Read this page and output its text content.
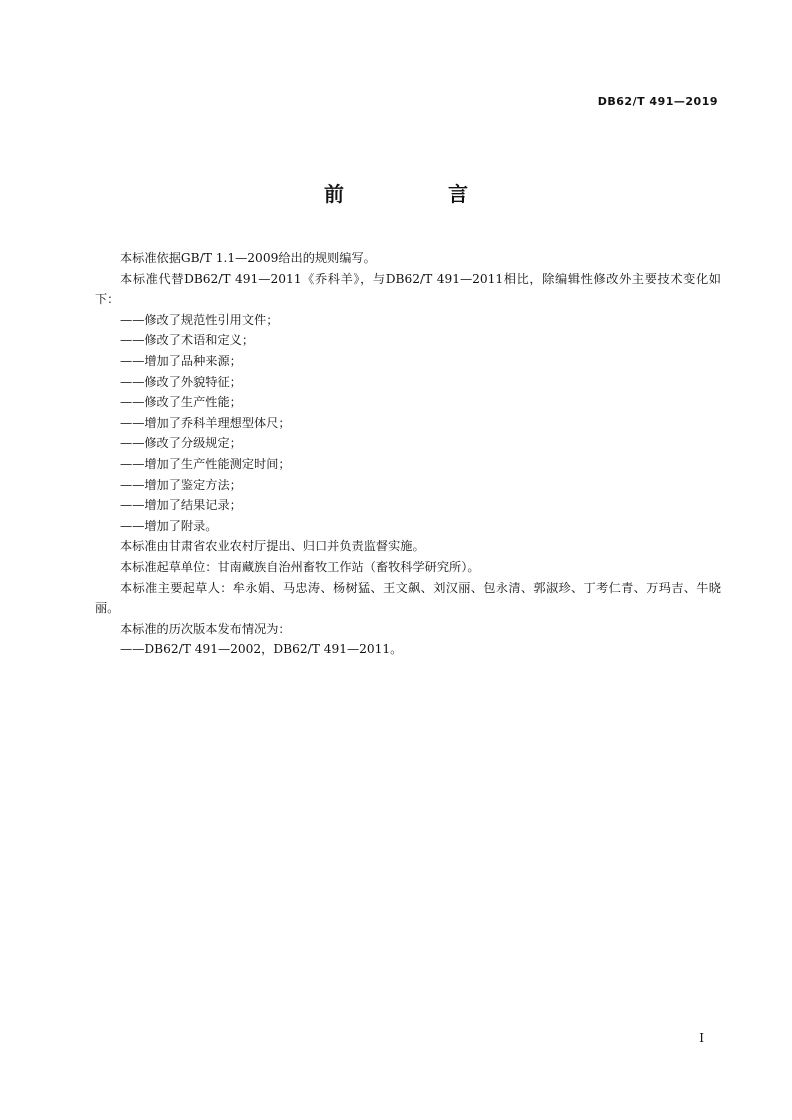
DB62/T 491—2019
前　言

本标准依据GB/T 1.1—2009给出的规则编写。

本标准代替DB62/T 491—2011《乔科羊》，与DB62/T 491—2011相比，除编辑性修改外主要技术变化如下：

——修改了规范性引用文件；

——修改了术语和定义；

——增加了品种来源；

——修改了外貌特征；

——修改了生产性能；

——增加了乔科羊理想型体尺；

——修改了分级规定；

——增加了生产性能测定时间；

——增加了鉴定方法；

——增加了结果记录；

——增加了附录。

本标准由甘肃省农业农村厅提出、归口并负责监督实施。

本标准起草单位：甘南藏族自治州畜牧工作站（畜牧科学研究所）。

本标准主要起草人：牟永娟、马忠涛、杨树猛、王文飙、刘汉丽、包永清、郭淑珍、丁考仁青、万玛吉、牛晓丽。

本标准的历次版本发布情况为：

——DB62/T 491—2002，DB62/T 491—2011。

I
